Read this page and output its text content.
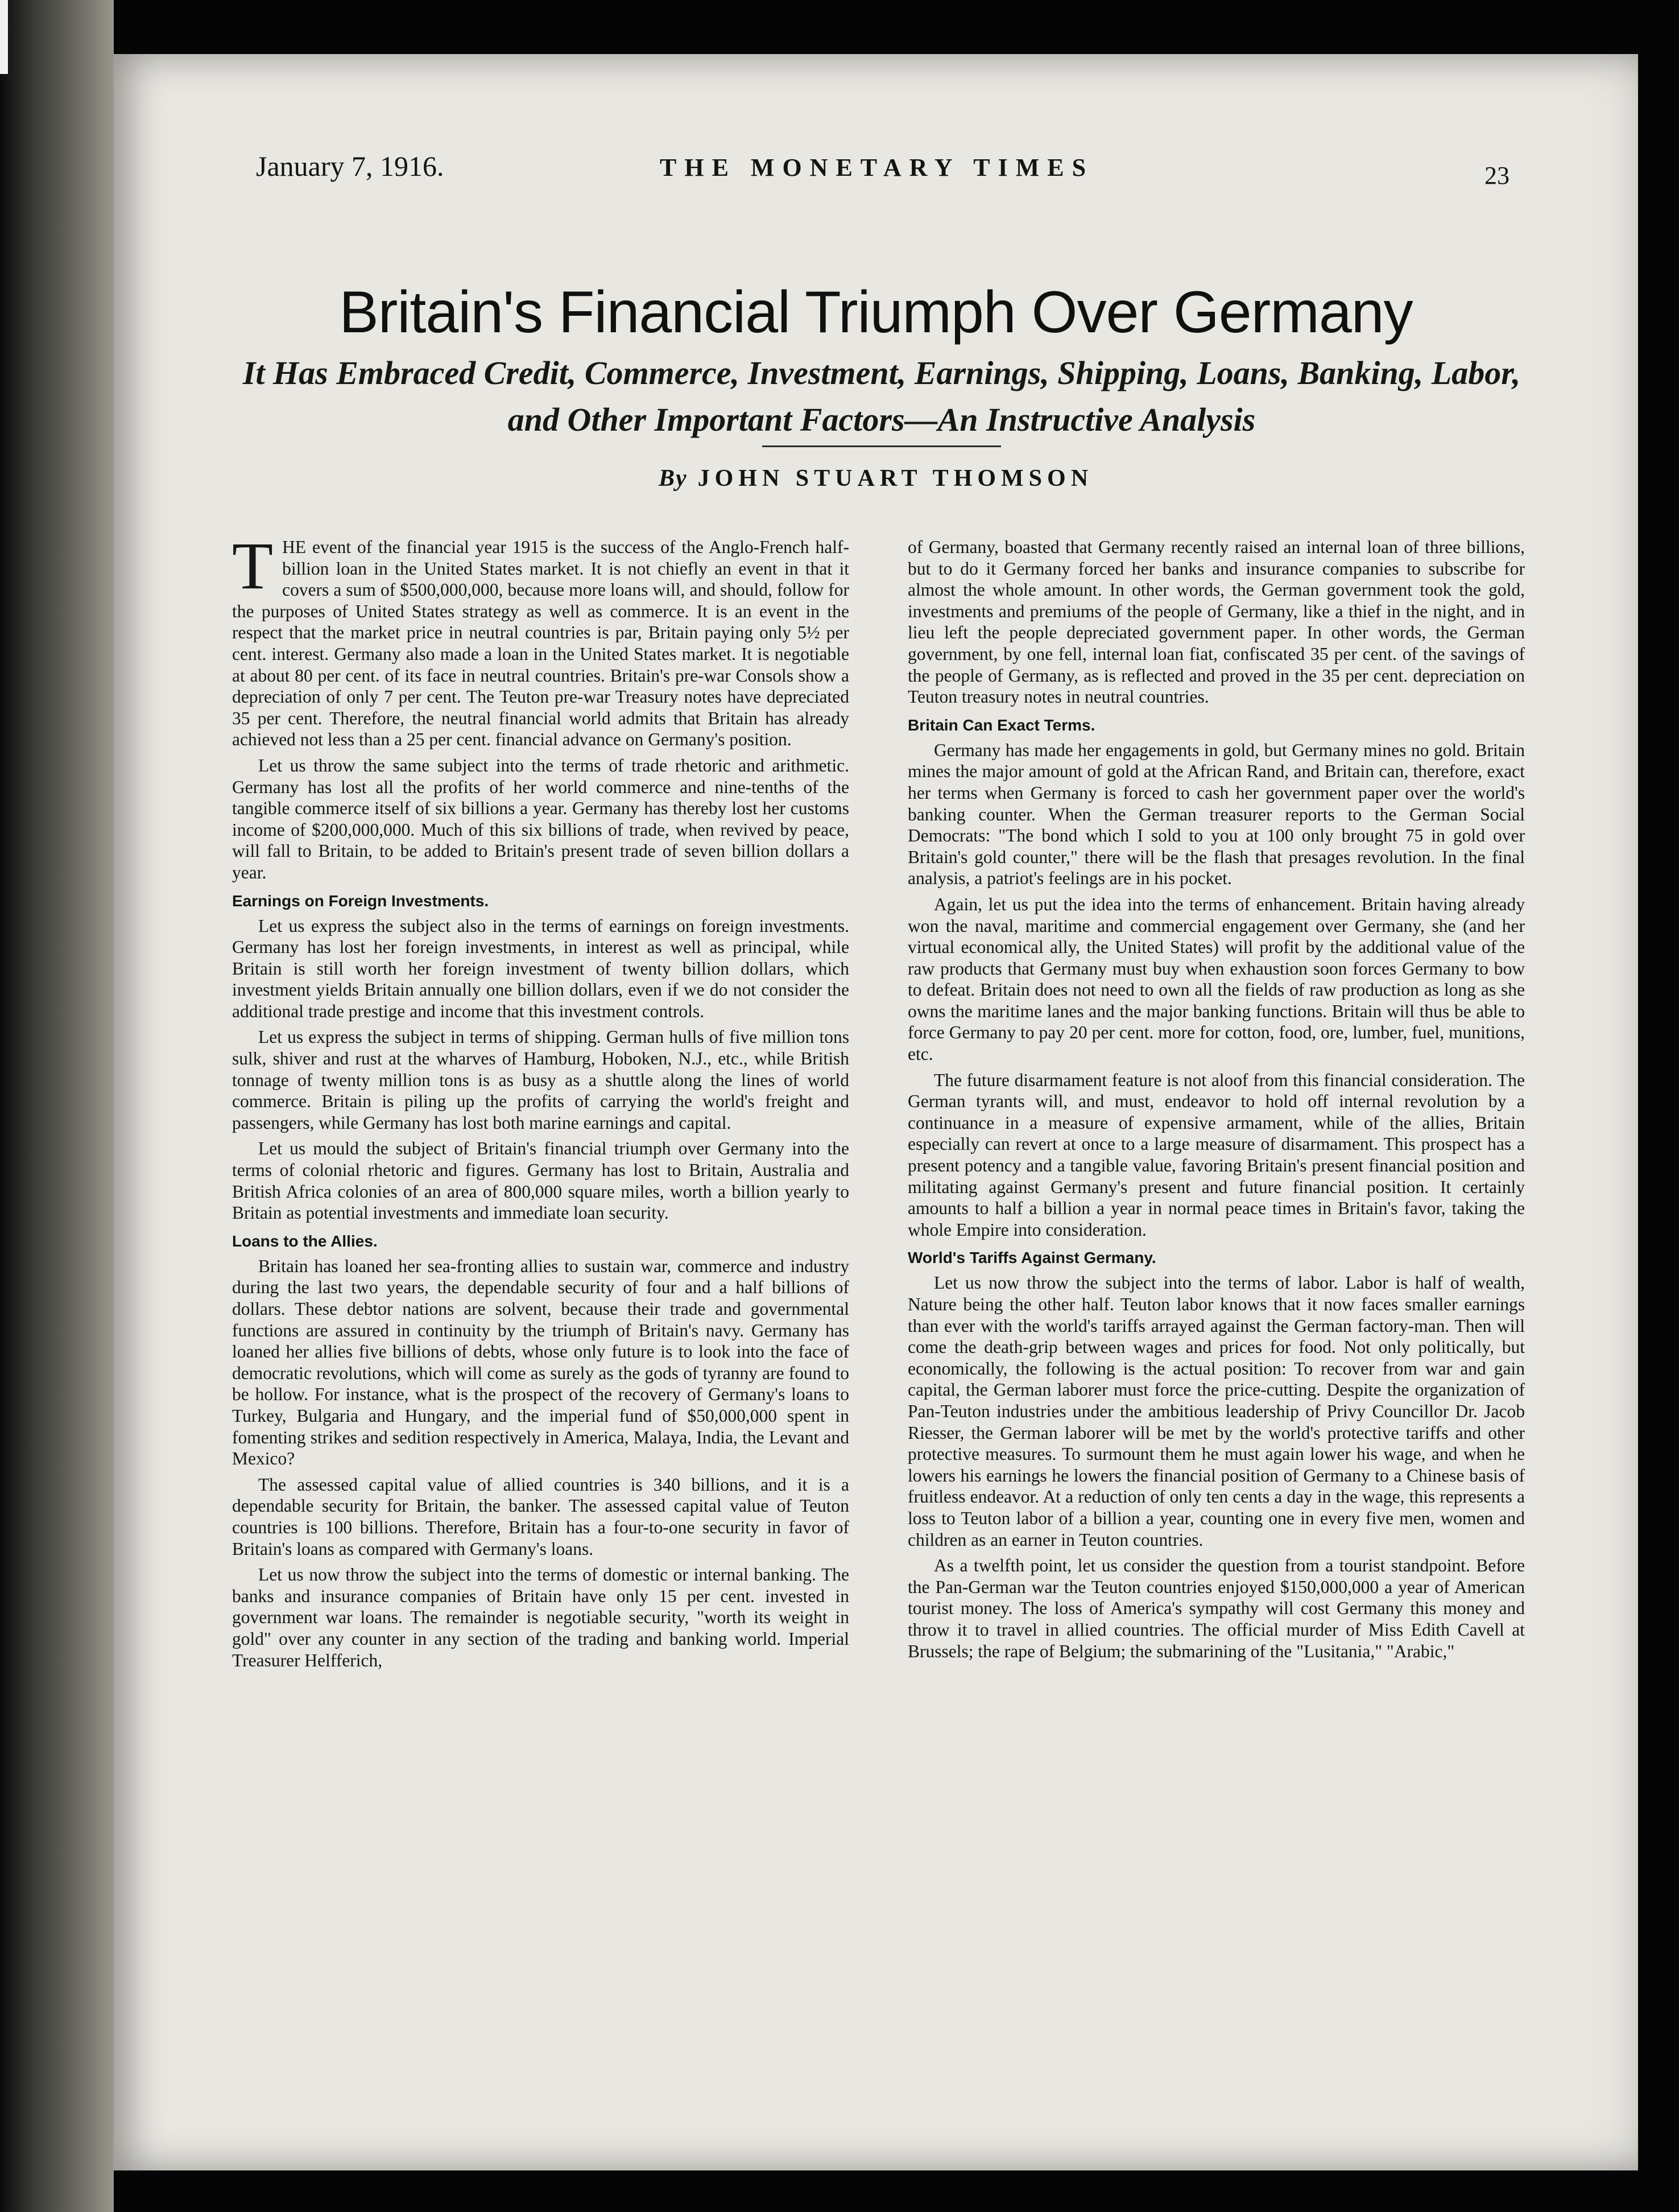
January 7, 1916.	THE MONETARY TIMES	23
Britain's Financial Triumph Over Germany
It Has Embraced Credit, Commerce, Investment, Earnings, Shipping, Loans, Banking, Labor, and Other Important Factors—An Instructive Analysis
By JOHN STUART THOMSON

THE event of the financial year 1915 is the success of the Anglo-French half-billion loan in the United States market. It is not chiefly an event in that it covers a sum of $500,000,000, because more loans will, and should, follow for the purposes of United States strategy as well as commerce. It is an event in the respect that the market price in neutral countries is par, Britain paying only 5½ per cent. interest. Germany also made a loan in the United States market. It is negotiable at about 80 per cent. of its face in neutral countries. Britain's pre-war Consols show a depreciation of only 7 per cent. The Teuton pre-war Treasury notes have depreciated 35 per cent. Therefore, the neutral financial world admits that Britain has already achieved not less than a 25 per cent. financial advance on Germany's position.

Let us throw the same subject into the terms of trade rhetoric and arithmetic. Germany has lost all the profits of her world commerce and nine-tenths of the tangible commerce itself of six billions a year. Germany has thereby lost her customs income of $200,000,000. Much of this six billions of trade, when revived by peace, will fall to Britain, to be added to Britain's present trade of seven billion dollars a year.

Earnings on Foreign Investments.

Let us express the subject also in the terms of earnings on foreign investments. Germany has lost her foreign investments, in interest as well as principal, while Britain is still worth her foreign investment of twenty billion dollars, which investment yields Britain annually one billion dollars, even if we do not consider the additional trade prestige and income that this investment controls.

Let us express the subject in terms of shipping. German hulls of five million tons sulk, shiver and rust at the wharves of Hamburg, Hoboken, N.J., etc., while British tonnage of twenty million tons is as busy as a shuttle along the lines of world commerce. Britain is piling up the profits of carrying the world's freight and passengers, while Germany has lost both marine earnings and capital.

Let us mould the subject of Britain's financial triumph over Germany into the terms of colonial rhetoric and figures. Germany has lost to Britain, Australia and British Africa colonies of an area of 800,000 square miles, worth a billion yearly to Britain as potential investments and immediate loan security.

Loans to the Allies.

Britain has loaned her sea-fronting allies to sustain war, commerce and industry during the last two years, the dependable security of four and a half billions of dollars. These debtor nations are solvent, because their trade and governmental functions are assured in continuity by the triumph of Britain's navy. Germany has loaned her allies five billions of debts, whose only future is to look into the face of democratic revolutions, which will come as surely as the gods of tyranny are found to be hollow. For instance, what is the prospect of the recovery of Germany's loans to Turkey, Bulgaria and Hungary, and the imperial fund of $50,000,000 spent in fomenting strikes and sedition respectively in America, Malaya, India, the Levant and Mexico?

The assessed capital value of allied countries is 340 billions, and it is a dependable security for Britain, the banker. The assessed capital value of Teuton countries is 100 billions. Therefore, Britain has a four-to-one security in favor of Britain's loans as compared with Germany's loans.

Let us now throw the subject into the terms of domestic or internal banking. The banks and insurance companies of Britain have only 15 per cent. invested in government war loans. The remainder is negotiable security, "worth its weight in gold" over any counter in any section of the trading and banking world. Imperial Treasurer Helfferich,

of Germany, boasted that Germany recently raised an internal loan of three billions, but to do it Germany forced her banks and insurance companies to subscribe for almost the whole amount. In other words, the German government took the gold, investments and premiums of the people of Germany, like a thief in the night, and in lieu left the people depreciated government paper. In other words, the German government, by one fell, internal loan fiat, confiscated 35 per cent. of the savings of the people of Germany, as is reflected and proved in the 35 per cent. depreciation on Teuton treasury notes in neutral countries.

Britain Can Exact Terms.

Germany has made her engagements in gold, but Germany mines no gold. Britain mines the major amount of gold at the African Rand, and Britain can, therefore, exact her terms when Germany is forced to cash her government paper over the world's banking counter. When the German treasurer reports to the German Social Democrats: "The bond which I sold to you at 100 only brought 75 in gold over Britain's gold counter," there will be the flash that presages revolution. In the final analysis, a patriot's feelings are in his pocket.

Again, let us put the idea into the terms of enhancement. Britain having already won the naval, maritime and commercial engagement over Germany, she (and her virtual economical ally, the United States) will profit by the additional value of the raw products that Germany must buy when exhaustion soon forces Germany to bow to defeat. Britain does not need to own all the fields of raw production as long as she owns the maritime lanes and the major banking functions. Britain will thus be able to force Germany to pay 20 per cent. more for cotton, food, ore, lumber, fuel, munitions, etc.

The future disarmament feature is not aloof from this financial consideration. The German tyrants will, and must, endeavor to hold off internal revolution by a continuance in a measure of expensive armament, while of the allies, Britain especially can revert at once to a large measure of disarmament. This prospect has a present potency and a tangible value, favoring Britain's present financial position and militating against Germany's present and future financial position. It certainly amounts to half a billion a year in normal peace times in Britain's favor, taking the whole Empire into consideration.

World's Tariffs Against Germany.

Let us now throw the subject into the terms of labor. Labor is half of wealth, Nature being the other half. Teuton labor knows that it now faces smaller earnings than ever with the world's tariffs arrayed against the German factory-man. Then will come the death-grip between wages and prices for food. Not only politically, but economically, the following is the actual position: To recover from war and gain capital, the German laborer must force the price-cutting. Despite the organization of Pan-Teuton industries under the ambitious leadership of Privy Councillor Dr. Jacob Riesser, the German laborer will be met by the world's protective tariffs and other protective measures. To surmount them he must again lower his wage, and when he lowers his earnings he lowers the financial position of Germany to a Chinese basis of fruitless endeavor. At a reduction of only ten cents a day in the wage, this represents a loss to Teuton labor of a billion a year, counting one in every five men, women and children as an earner in Teuton countries.

As a twelfth point, let us consider the question from a tourist standpoint. Before the Pan-German war the Teuton countries enjoyed $150,000,000 a year of American tourist money. The loss of America's sympathy will cost Germany this money and throw it to travel in allied countries. The official murder of Miss Edith Cavell at Brussels; the rape of Belgium; the submarining of the "Lusitania," "Arabic,"
